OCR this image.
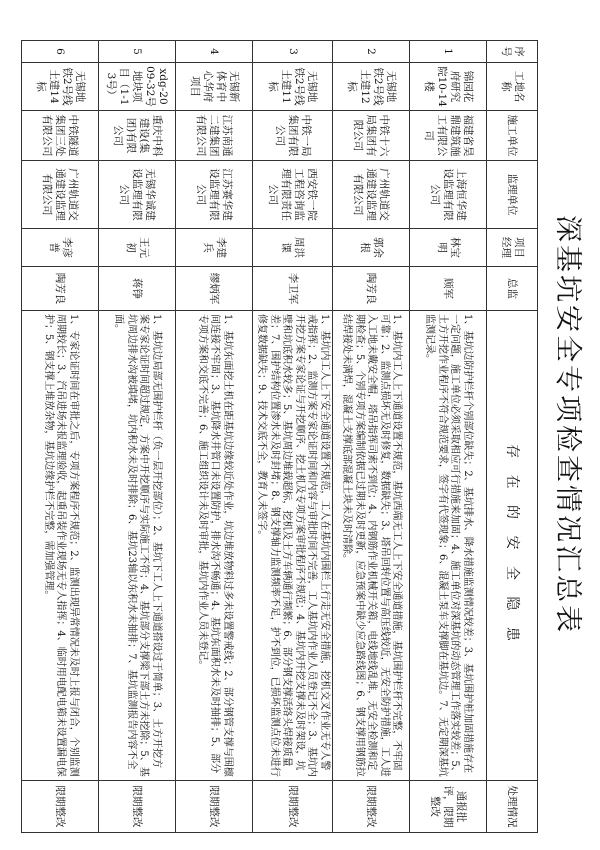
深基坑安全专项检查情况汇总表
序号	工地名称	施工单位	监理单位	项目经理	总监	存 在 的 安 全 隐 患	处理情况
1	锦园花府研究院10-14楼	福建省昊鼎建筑施工有限公司	上海恒华建设监理有限公司	林宝明	顾军	1、基坑边防护栏杆个别部位缺失；2、基坑排水、降水措施监测情况较差；3、基坑围护桩加固措施存在一定问题，施工单位必须采取相应可行措施来加固；4、施工单位对深基坑的动态管理工作落实较差；5、土方开挖作业程序不符合规范要求，签字有代签现象；6、混凝土泵车支撑脚在基坑边。7、无定期深基坑监测记录。	通报批评，限期整改
2	无锡地铁2号线土建12标	中铁十六局集团有限公司	广州轨道交通建设监理有限公司	郭余根	陶芳良	1、基坑内工人上下通道设置不规范，基坑西端无工人上下安全通道措施，基坑围护栏杆不完整，不牢固可靠；2、监测点损坏无及时修复，数据缺失；3、塔吊回转位置与高压线较近，无安全防护措施，工人进入工地未戴安全帽，塔吊指挥司索不到位；4、内钢筋作业机械开关箱，电线地线乱堆，无安全检测和定期检查；5、个别专项方案编制依据已过期未及时更新，应急预案中缺少应急路线图；6、钢支撑用钢筋拉结焊接处未满焊，混凝土支撑底部混凝土块未及时清除。	限期整改
3	无锡地铁2号线土建11标	中铁一局集团有限公司	西安铁一院工程咨询监理有限责任公司	周洪课	李卫军	1、基坑内工人上下安全通道设置不规范，工人在基坑内围栏上行走无安全措施，挖机交叉作业无专人警戒指挥；2、监测方案专家论证时间和内容与审批时间不完善，工人基坑内作业人员登记不全；3、基坑内开挖方案专家论证与开挖顺序、挖土机及专项方案审批程序不规范；4、基坑内开挖支撑未及时架设，坑壁和坑底积水较多；5、基坑周边堆载超标，挖机及土方车辆通行频繁；6、部分钢支撑活络头焊接质量差；7、围护结构位置渗水未及时封堵；8、钢支撑轴力监测频率不足，护不到位，已损坏监测点位未进行修复数据缺失；9、技术交底不全，教育人未签字。	限期整改
4	无锡新体育中心华府项目	江苏南通二建集团有限公司	江苏赛华建设监理有限公司	李建兵	缪炳军	1、基坑东面挖土机在距基坑边缘较近处作业，坑边堆放物料过多未设置警戒线；2、部分钢管支撑与围檩间连接不牢固；3、基坑降水井管口未设置防护，排水沟不畅通；4、基坑东面积水未及时抽排；5、部分专项方案和交底不完善；6、施工组织设计未及时审批，基坑内作业人员未登记。	限期整改
5	xdg-2009-32号地块项目（1-13号）	重庆中科建设(集团)有限公司	无锡华诚建设监理有限公司	王元初	蒋铮	1、基坑边局部无围护栏杆（负一层开挖部位）；2、基坑下工人上下通道搭设过于简单；3、土方开挖方案专家论证时间超过规定，方案中开挖顺序与实际施工不符；4、基坑部分支撑梁下部土方未挖除；5、基坑周边排水沟被填堵，坑内积水未及时排除；6、基坑23轴以东积水未抽排；7、基坑监测报告内容不全面。	限期整改
6	无锡地铁2号线土建14标	中铁隧道集团三处有限公司	广州轨道交通建设监理有限公司	李彦普	陶芳良	1、专家论证时间在审批之后，专项方案程序不规范；2、监测出现异常情况未及时上报与闭合，个别监测周期较长；3、汽吊进场未报监理验收，起重吊装作业现场无专人指挥；4、临时用电配电箱未设置漏电保护；5、钢支撑上堆放杂物，基坑边缘护栏不完整，需加强管理。	限期整改
